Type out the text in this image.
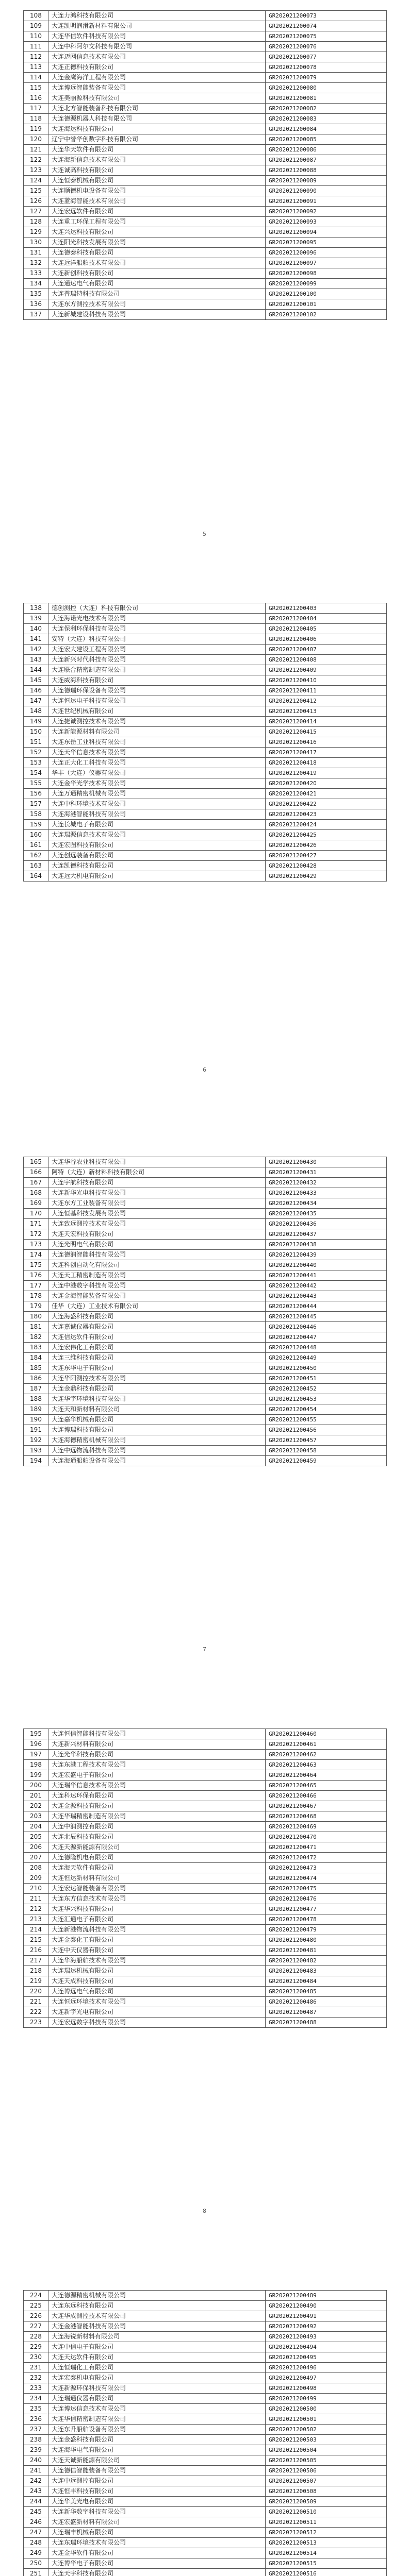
108	大连力鸿科技有限公司	GR202021200073
109	大连凯明润滑新材料有限公司	GR202021200074
110	大连华信软件科技有限公司	GR202021200075
111	大连中科阿尔文科技有限公司	GR202021200076
112	大连迈网信息技术有限公司	GR202021200077
113	大连正德科技有限公司	GR202021200078
114	大连金鹰海洋工程有限公司	GR202021200079
115	大连博远智能装备有限公司	GR202021200080
116	大连美丽源科技有限公司	GR202021200081
117	大连北方智能装备科技有限公司	GR202021200082
118	大连德源机器人科技有限公司	GR202021200083
119	大连海达科技有限公司	GR202021200084
120	辽宁中誉华创数字科技有限公司	GR202021200085
121	大连华天软件有限公司	GR202021200086
122	大连海新信息技术有限公司	GR202021200087
123	大连诚高科技有限公司	GR202021200088
124	大连恒泰机械有限公司	GR202021200089
125	大连顺德机电设备有限公司	GR202021200090
126	大连蓝海智能技术有限公司	GR202021200091
127	大连宏远软件有限公司	GR202021200092
128	大连重工环保工程有限公司	GR202021200093
129	大连兴达科技有限公司	GR202021200094
130	大连阳光科技发展有限公司	GR202021200095
131	大连德泰科技有限公司	GR202021200096
132	大连远洋船舶技术有限公司	GR202021200097
133	大连新创科技有限公司	GR202021200098
134	大连通达电气有限公司	GR202021200099
135	大连普瑞特科技有限公司	GR202021200100
136	大连东方测控技术有限公司	GR202021200101
137	大连新城建设科技有限公司	GR202021200102
5
138	德创测控（大连）科技有限公司	GR202021200403
139	大连海诺光电技术有限公司	GR202021200404
140	大连保利环保科技有限公司	GR202021200405
141	安特（大连）科技有限公司	GR202021200406
142	大连宏大建设工程有限公司	GR202021200407
143	大连新兴时代科技有限公司	GR202021200408
144	大连联合精密制造有限公司	GR202021200409
145	大连威海科技有限公司	GR202021200410
146	大连德瑞环保设备有限公司	GR202021200411
147	大连恒达电子科技有限公司	GR202021200412
148	大连世纪机械有限公司	GR202021200413
149	大连捷诚测控技术有限公司	GR202021200414
150	大连新能源材料有限公司	GR202021200415
151	大连东岳工业科技有限公司	GR202021200416
152	大连天华信息技术有限公司	GR202021200417
153	大连正大化工科技有限公司	GR202021200418
154	华丰（大连）仪器有限公司	GR202021200419
155	大连金华光学技术有限公司	GR202021200420
156	大连万通精密机械有限公司	GR202021200421
157	大连中科环境技术有限公司	GR202021200422
158	大连海港智能科技有限公司	GR202021200423
159	大连长城电子有限公司	GR202021200424
160	大连瑞源信息技术有限公司	GR202021200425
161	大连宏图科技有限公司	GR202021200426
162	大连创远装备有限公司	GR202021200427
163	大连凯德科技有限公司	GR202021200428
164	大连远大机电有限公司	GR202021200429
6
165	大连华谷农业科技有限公司	GR202021200430
166	阿特（大连）新材料科技有限公司	GR202021200431
167	大连宇航科技有限公司	GR202021200432
168	大连新华光电科技有限公司	GR202021200433
169	大连东方工业装备有限公司	GR202021200434
170	大连恒基科技发展有限公司	GR202021200435
171	大连致远测控技术有限公司	GR202021200436
172	大连天宏科技有限公司	GR202021200437
173	大连光明电气有限公司	GR202021200438
174	大连德润智能科技有限公司	GR202021200439
175	大连科创自动化有限公司	GR202021200440
176	大连天工精密制造有限公司	GR202021200441
177	大连中港数字科技有限公司	GR202021200442
178	大连金海智能装备有限公司	GR202021200443
179	佳华（大连）工业技术有限公司	GR202021200444
180	大连海盛科技有限公司	GR202021200445
181	大连嘉诚仪器有限公司	GR202021200446
182	大连信达软件有限公司	GR202021200447
183	大连宏伟化工有限公司	GR202021200448
184	大连三维科技有限公司	GR202021200449
185	大连东华电子有限公司	GR202021200450
186	大连华阳测控技术有限公司	GR202021200451
187	大连金鼎科技有限公司	GR202021200452
188	大连华宇环境科技有限公司	GR202021200453
189	大连天和新材料有限公司	GR202021200454
190	大连嘉华机械有限公司	GR202021200455
191	大连博瑞科技有限公司	GR202021200456
192	大连海德精密机械有限公司	GR202021200457
193	大连中远物流科技有限公司	GR202021200458
194	大连海通船舶设备有限公司	GR202021200459
7
195	大连恒信智能科技有限公司	GR202021200460
196	大连新兴材料有限公司	GR202021200461
197	大连光华科技有限公司	GR202021200462
198	大连东港工程技术有限公司	GR202021200463
199	大连宏盛电子有限公司	GR202021200464
200	大连瑞华信息技术有限公司	GR202021200465
201	大连科达环保有限公司	GR202021200466
202	大连金源科技有限公司	GR202021200467
203	大连华瑞精密制造有限公司	GR202021200468
204	大连中润测控有限公司	GR202021200469
205	大连北辰科技有限公司	GR202021200470
206	大连天源新能源有限公司	GR202021200471
207	大连德隆机电有限公司	GR202021200472
208	大连海天软件有限公司	GR202021200473
209	大连恒达新材料有限公司	GR202021200474
210	大连宏达智能装备有限公司	GR202021200475
211	大连东方信息技术有限公司	GR202021200476
212	大连华兴科技有限公司	GR202021200477
213	大连汇通电子有限公司	GR202021200478
214	大连新港物流科技有限公司	GR202021200479
215	大连金泰化工有限公司	GR202021200480
216	大连中天仪器有限公司	GR202021200481
217	大连华海船舶技术有限公司	GR202021200482
218	大连瑞达机械有限公司	GR202021200483
219	大连天成科技有限公司	GR202021200484
220	大连博远电气有限公司	GR202021200485
221	大连恒远环境技术有限公司	GR202021200486
222	大连新宇光电有限公司	GR202021200487
223	大连宏远数字科技有限公司	GR202021200488
8
224	大连德源精密机械有限公司	GR202021200489
225	大连东远科技有限公司	GR202021200490
226	大连华成测控技术有限公司	GR202021200491
227	大连金港智能科技有限公司	GR202021200492
228	大连海锐新材料有限公司	GR202021200493
229	大连中信电子有限公司	GR202021200494
230	大连天达软件有限公司	GR202021200495
231	大连恒瑞化工有限公司	GR202021200496
232	大连宏泰机电有限公司	GR202021200497
233	大连新源环保科技有限公司	GR202021200498
234	大连瑞通仪器有限公司	GR202021200499
235	大连博达信息技术有限公司	GR202021200500
236	大连华信精密制造有限公司	GR202021200501
237	大连东升船舶设备有限公司	GR202021200502
238	大连金盛科技有限公司	GR202021200503
239	大连海华电气有限公司	GR202021200504
240	大连天诚新能源有限公司	GR202021200505
241	大连德信智能装备有限公司	GR202021200506
242	大连中远测控有限公司	GR202021200507
243	大连恒丰科技有限公司	GR202021200508
244	大连华美光电有限公司	GR202021200509
245	大连新华数字科技有限公司	GR202021200510
246	大连宏盛新材料有限公司	GR202021200511
247	大连瑞丰机械有限公司	GR202021200512
248	大连东瑞环境技术有限公司	GR202021200513
249	大连金华软件有限公司	GR202021200514
250	大连博华电子有限公司	GR202021200515
251	大连天宇科技有限公司	GR202021200516
